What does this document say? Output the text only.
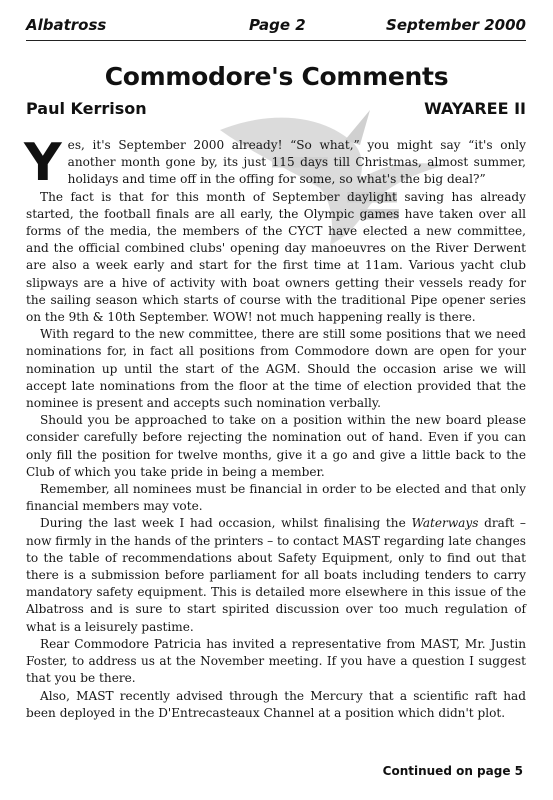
Albatross	Page 2	September 2000
Commodore's Comments
Paul Kerrison	WAYAREE II

Yes, it's September 2000 already! “So what,” you might say “it's only another month gone by, its just 115 days till Christmas, almost summer, holidays and time off in the offing for some, so what's the big deal?”

The fact is that for this month of September daylight saving has already started, the football finals are all early, the Olympic games have taken over all forms of the media, the members of the CYCT have elected a new committee, and the official combined clubs' opening day manoeuvres on the River Derwent are also a week early and start for the first time at 11am. Various yacht club slipways are a hive of activity with boat owners getting their vessels ready for the sailing season which starts of course with the traditional Pipe opener series on the 9th & 10th September. WOW! not much happening really is there.

With regard to the new committee, there are still some positions that we need nominations for, in fact all positions from Commodore down are open for your nomination up until the start of the AGM. Should the occasion arise we will accept late nominations from the floor at the time of election provided that the nominee is present and accepts such nomination verbally.

Should you be approached to take on a position within the new board please consider carefully before rejecting the nomination out of hand. Even if you can only fill the position for twelve months, give it a go and give a little back to the Club of which you take pride in being a member.

Remember, all nominees must be financial in order to be elected and that only financial members may vote.

During the last week I had occasion, whilst finalising the Waterways draft – now firmly in the hands of the printers – to contact MAST regarding late changes to the table of recommendations about Safety Equipment, only to find out that there is a submission before parliament for all boats including tenders to carry mandatory safety equipment. This is detailed more elsewhere in this issue of the Albatross and is sure to start spirited discussion over too much regulation of what is a leisurely pastime.

Rear Commodore Patricia has invited a representative from MAST, Mr. Justin Foster, to address us at the November meeting. If you have a question I suggest that you be there.

Also, MAST recently advised through the Mercury that a scientific raft had been deployed in the D'Entrecasteaux Channel at a position which didn't plot.

Continued on page 5
